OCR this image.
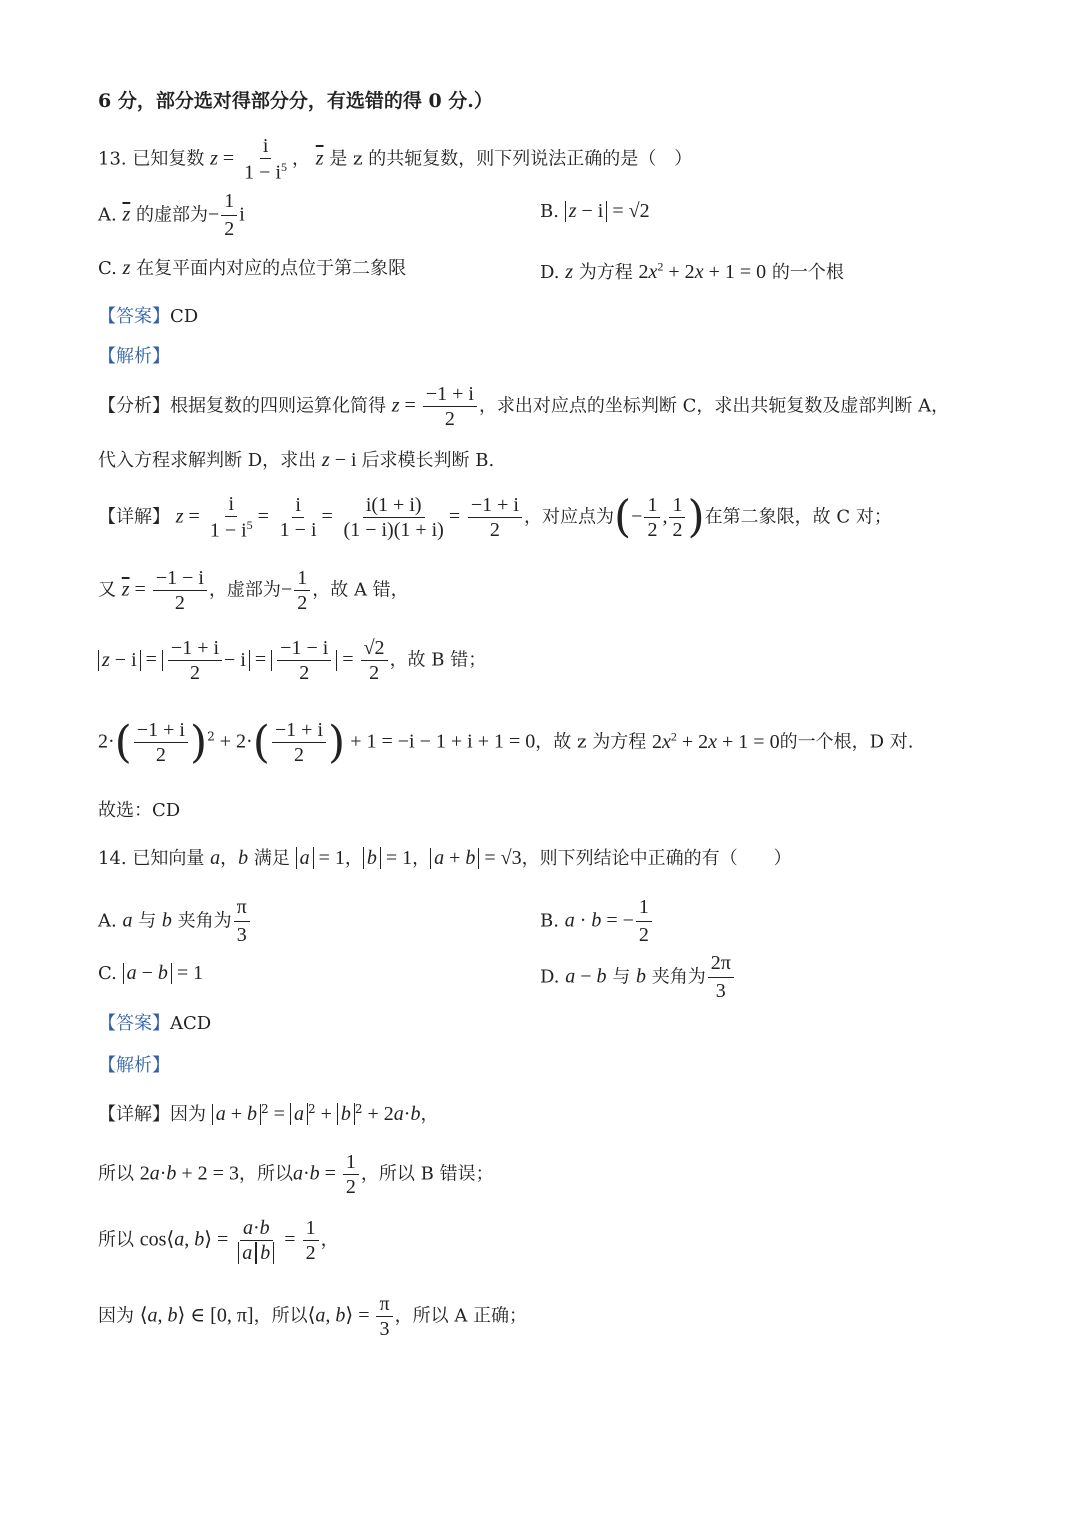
6 分，部分选对得部分分，有选错的得 0 分.）
13. 已知复数 $z = \frac{i}{1 - i^5}$ ， $\overline{z}$ 是 z 的共轭复数，则下列说法正确的是（　）
A. $\overline{z}$ 的虚部为− $\frac{1}{2}$ i	B. z − i = √2
C. z 在复平面内对应的点位于第二象限	D. z 为方程 $2x^2 + 2x + 1 = 0$ 的一个根
【答案】CD
【解析】
【分析】根据复数的四则运算化简得 $z = \frac{-1 + i}{2}$ ，求出对应点的坐标判断 C，求出共轭复数及虚部判断 A，
代入方程求解判断 D，求出 z − i 后求模长判断 B.
【详解】 $z = \frac{i}{1 - i^5} = \frac{i}{1 - i} = \frac{i(1 + i)}{(1 - i)(1 + i)} = \frac{-1 + i}{2}$ ，对应点为(− $\frac{1}{2}$ , $\frac{1}{2}$ )在第二象限，故 C 对；
又 $\overline{z} = \frac{-1 - i}{2}$ ，虚部为− $\frac{1}{2}$ ，故 A 错，
$z - i = \frac{-1 + i}{2} - i = \frac{-1 - i}{2} = \frac{√2}{2}$ ，故 B 错；
$2\cdot( \frac{-1 + i}{2} )^2 + 2\cdot( \frac{-1 + i}{2}$ ) + 1 = −i − 1 + i + 1 = 0，故 z 为方程 $2x^2 + 2x + 1 = 0$的一个根，D 对.
故选：CD
14. 已知向量 a，b 满足 a = 1， b = 1， a + b = √3，则下列结论中正确的有（　　）
A. a 与 b 夹角为 $\frac{\pi}{3}$	B. a · b = − $\frac{1}{2}$
C. a − b = 1	D. a − b 与 b 夹角为 $\frac{2\pi}{3}$
【答案】ACD
【解析】
【详解】因为 a + b $^2$ = a $^2$ + b $^2$ + 2a·b，
所以 2a·b + 2 = 3，所以$a\cdot b = \frac{1}{2}$ ，所以 B 错误；
所以 cos⟨a, b⟩ = $\frac{a\cdot b}{\text{a b}} = \frac{1}{2}$ ，
因为 ⟨a, b⟩ ∈ [0, π]，所以⟨a, b⟩ = $\frac{\pi}{3}$ ，所以 A 正确；
